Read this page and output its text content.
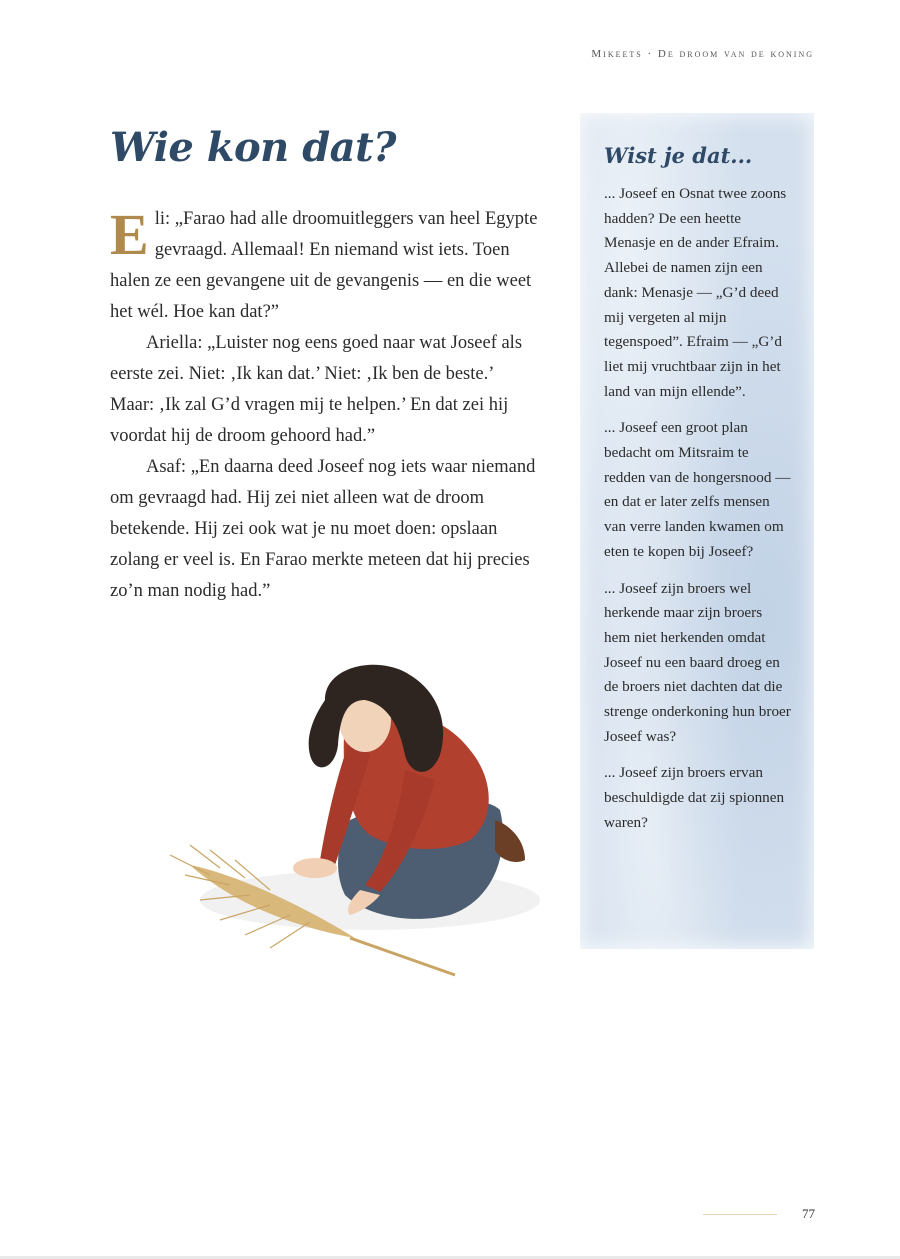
Mikeets · De droom van de koning
Wie kon dat?

Eli: „Farao had alle droomuitleggers van heel Egypte gevraagd. Allemaal! En niemand wist iets. Toen halen ze een gevangene uit de gevangenis — en die weet het wél. Hoe kan dat?”

Ariella: „Luister nog eens goed naar wat Joseef als eerste zei. Niet: ‚Ik kan dat.’ Niet: ‚Ik ben de beste.’ Maar: ‚Ik zal G’d vragen mij te helpen.’ En dat zei hij voordat hij de droom gehoord had.”

Asaf: „En daarna deed Joseef nog iets waar niemand om gevraagd had. Hij zei niet alleen wat de droom betekende. Hij zei ook wat je nu moet doen: opslaan zolang er veel is. En Farao merkte meteen dat hij precies zo’n man nodig had.”

Wist je dat...

... Joseef en Osnat twee zoons hadden? De een heette Menasje en de ander Efraim. Allebei de namen zijn een dank: Menasje — „G’d deed mij vergeten al mijn tegenspoed”. Efraim — „G’d liet mij vruchtbaar zijn in het land van mijn ellende”.

... Joseef een groot plan bedacht om Mitsraim te redden van de hongersnood — en dat er later zelfs mensen van verre landen kwamen om eten te kopen bij Joseef?

... Joseef zijn broers wel herkende maar zijn broers hem niet herkenden omdat Joseef nu een baard droeg en de broers niet dachten dat die strenge onderkoning hun broer Joseef was?

... Joseef zijn broers ervan beschuldigde dat zij spionnen waren?

77
